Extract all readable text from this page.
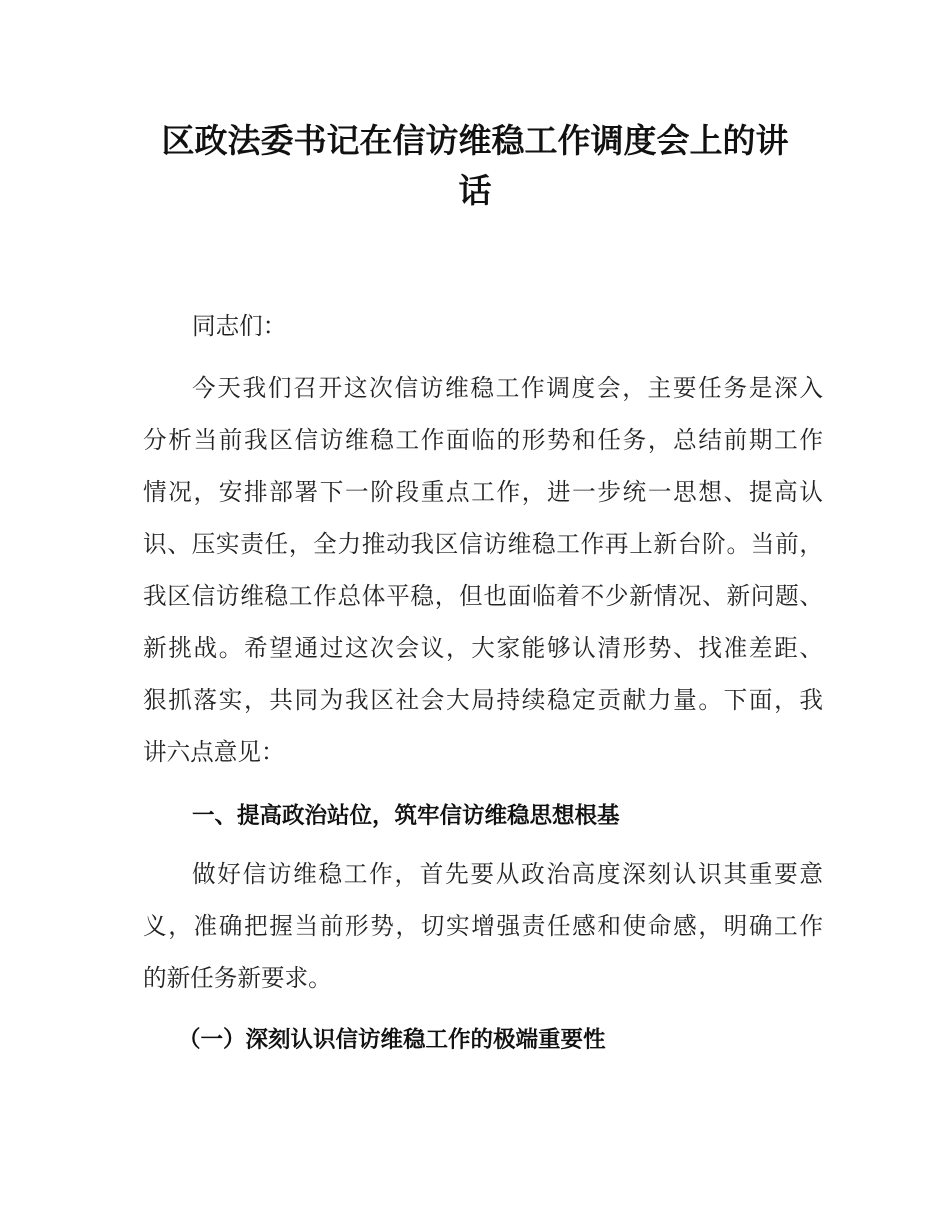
区政法委书记在信访维稳工作调度会上的讲
话

同志们：

今天我们召开这次信访维稳工作调度会，主要任务是深入

分析当前我区信访维稳工作面临的形势和任务，总结前期工作

情况，安排部署下一阶段重点工作，进一步统一思想、提高认

识、压实责任，全力推动我区信访维稳工作再上新台阶。当前，

我区信访维稳工作总体平稳，但也面临着不少新情况、新问题、

新挑战。希望通过这次会议，大家能够认清形势、找准差距、

狠抓落实，共同为我区社会大局持续稳定贡献力量。下面，我

讲六点意见：

一、提高政治站位，筑牢信访维稳思想根基

做好信访维稳工作，首先要从政治高度深刻认识其重要意

义，准确把握当前形势，切实增强责任感和使命感，明确工作

的新任务新要求。

（一）深刻认识信访维稳工作的极端重要性
